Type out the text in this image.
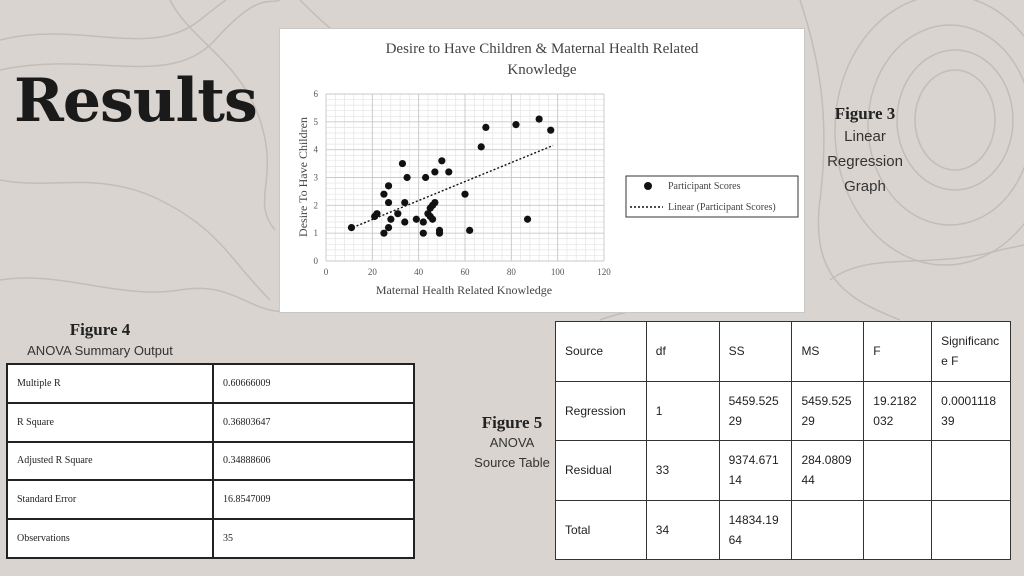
Results
Desire to Have Children & Maternal Health Related
Knowledge
0	20	40	60	80	100	120
0
1
2
3
4
5
6
Maternal Health Related Knowledge
Desire To Have Children	Participant Scores
Linear (Participant Scores)
Figure 3
Linear
Regression
Graph
Figure 4
ANOVA Summary Output
Multiple R	0.60666009
R Square	0.36803647
Adjusted R Square	0.34888606
Standard Error	16.8547009
Observations	35
Figure 5
ANOVA
Source Table
Source	df	SS	MS	F	Significance F
Regression	1	5459.52529	5459.52529	19.2182032	0.000111839
Residual	33	9374.67114	284.080944		
Total	34	14834.1964			
